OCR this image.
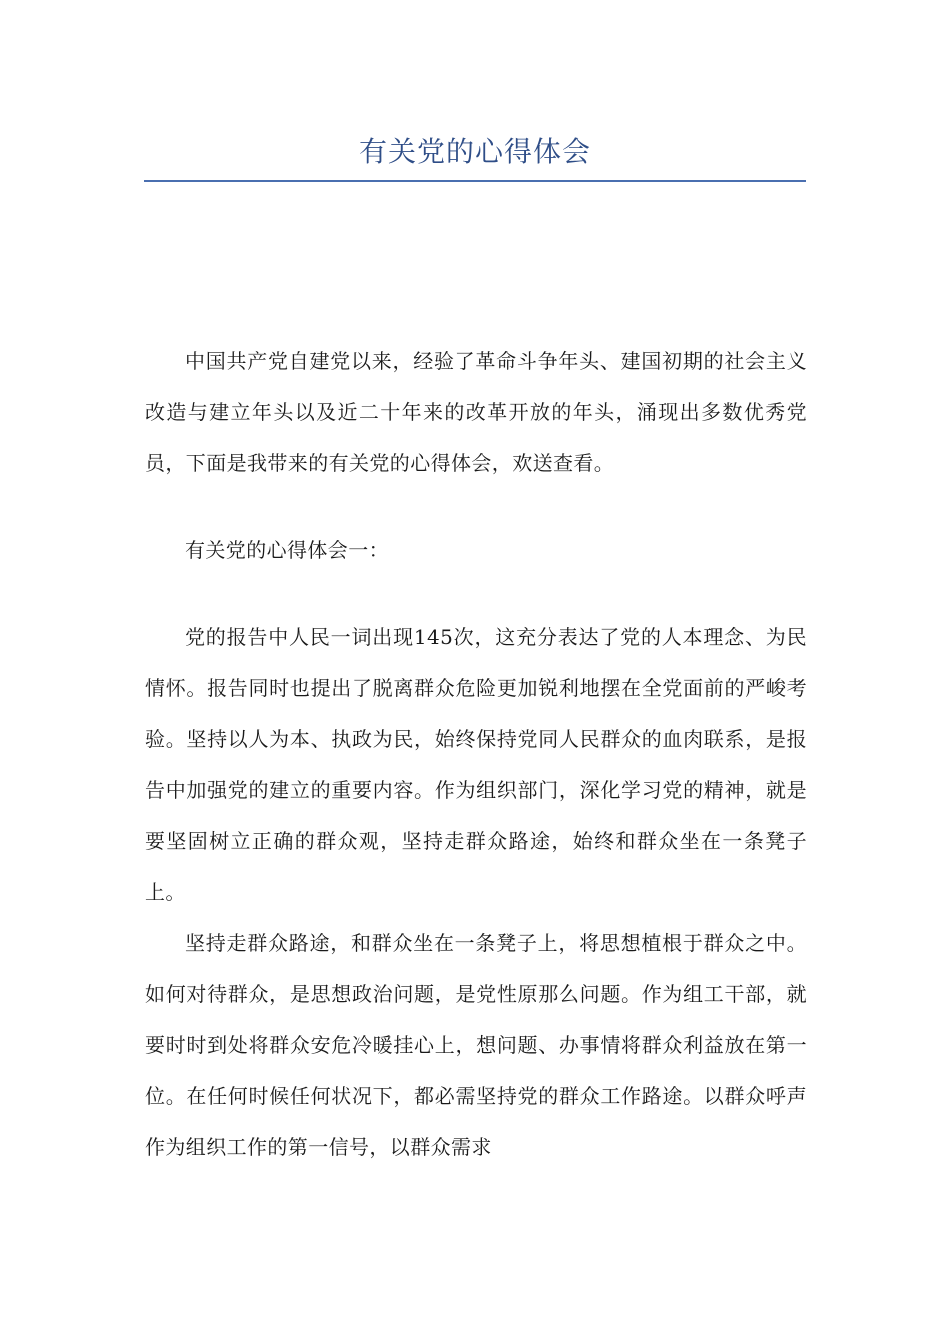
有关党的心得体会

中国共产党自建党以来，经验了革命斗争年头、建国初期的社会主义改造与建立年头以及近二十年来的改革开放的年头，涌现出多数优秀党员，下面是我带来的有关党的心得体会，欢送查看。

有关党的心得体会一：

党的报告中人民一词出现145次，这充分表达了党的人本理念、为民情怀。报告同时也提出了脱离群众危险更加锐利地摆在全党面前的严峻考验。坚持以人为本、执政为民，始终保持党同人民群众的血肉联系，是报告中加强党的建立的重要内容。作为组织部门，深化学习党的精神，就是要坚固树立正确的群众观，坚持走群众路途，始终和群众坐在一条凳子上。

坚持走群众路途，和群众坐在一条凳子上，将思想植根于群众之中。如何对待群众，是思想政治问题，是党性原那么问题。作为组工干部，就要时时到处将群众安危冷暖挂心上，想问题、办事情将群众利益放在第一位。在任何时候任何状况下，都必需坚持党的群众工作路途。以群众呼声作为组织工作的第一信号，以群众需求
